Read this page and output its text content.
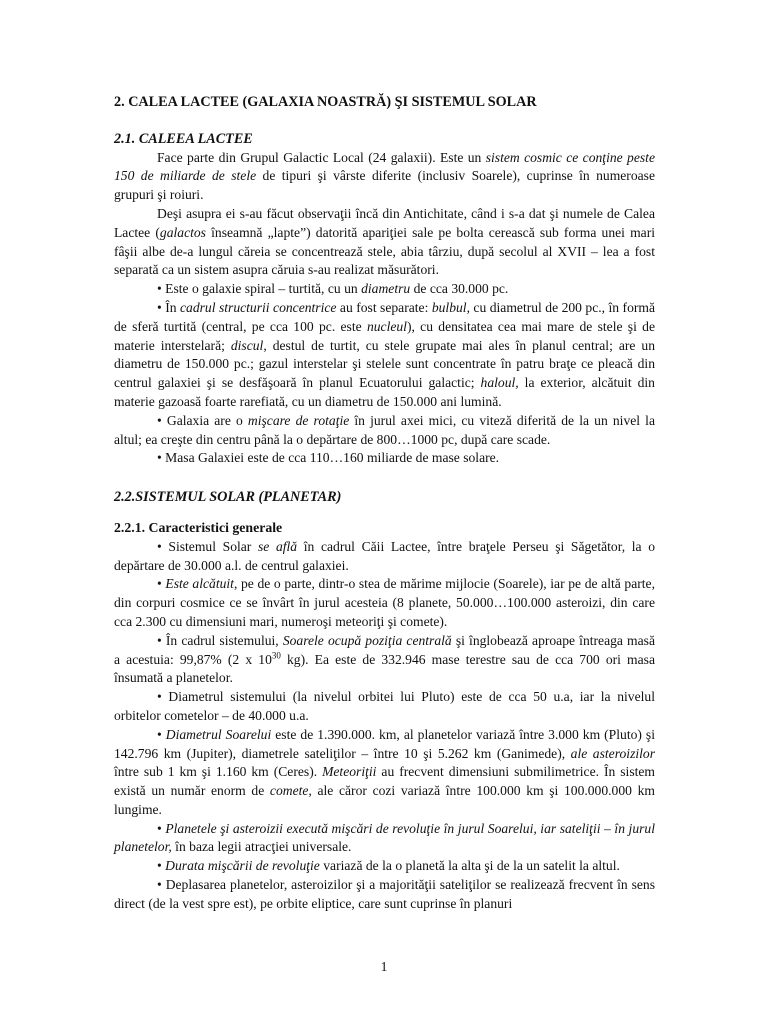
2. CALEA LACTEE (GALAXIA NOASTRĂ) ŞI SISTEMUL SOLAR
2.1. CALEEA LACTEE

Face parte din Grupul Galactic Local (24 galaxii). Este un sistem cosmic ce conţine peste 150 de miliarde de stele de tipuri şi vârste diferite (inclusiv Soarele), cuprinse în numeroase grupuri şi roiuri.

Deşi asupra ei s-au făcut observaţii încă din Antichitate, când i s-a dat şi numele de Calea Lactee (galactos înseamnă „lapte”) datorită apariţiei sale pe bolta cerească sub forma unei mari fâşii albe de-a lungul căreia se concentrează stele, abia târziu, după secolul al XVII – lea a fost separată ca un sistem asupra căruia s-au realizat măsurători.

• Este o galaxie spiral – turtită, cu un diametru de cca 30.000 pc.

• În cadrul structurii concentrice au fost separate: bulbul, cu diametrul de 200 pc., în formă de sferă turtită (central, pe cca 100 pc. este nucleul), cu densitatea cea mai mare de stele şi de materie interstelară; discul, destul de turtit, cu stele grupate mai ales în planul central; are un diametru de 150.000 pc.; gazul interstelar şi stelele sunt concentrate în patru braţe ce pleacă din centrul galaxiei şi se desfăşoară în planul Ecuatorului galactic; haloul, la exterior, alcătuit din materie gazoasă foarte rarefiată, cu un diametru de 150.000 ani lumină.

• Galaxia are o mişcare de rotaţie în jurul axei mici, cu viteză diferită de la un nivel la altul; ea creşte din centru până la o depărtare de 800…1000 pc, după care scade.

• Masa Galaxiei este de cca 110…160 miliarde de mase solare.

2.2.SISTEMUL SOLAR (PLANETAR)
2.2.1. Caracteristici generale

• Sistemul Solar se află în cadrul Căii Lactee, între braţele Perseu şi Săgetător, la o depărtare de 30.000 a.l. de centrul galaxiei.

• Este alcătuit, pe de o parte, dintr-o stea de mărime mijlocie (Soarele), iar pe de altă parte, din corpuri cosmice ce se învârt în jurul acesteia (8 planete, 50.000…100.000 asteroizi, din care cca 2.300 cu dimensiuni mari, numeroşi meteoriţi şi comete).

• În cadrul sistemului, Soarele ocupă poziţia centrală şi înglobează aproape întreaga masă a acestuia: 99,87% (2 x $10^{30}$ kg). Ea este de 332.946 mase terestre sau de cca 700 ori masa însumată a planetelor.

• Diametrul sistemului (la nivelul orbitei lui Pluto) este de cca 50 u.a, iar la nivelul orbitelor cometelor – de 40.000 u.a.

• Diametrul Soarelui este de 1.390.000. km, al planetelor variază între 3.000 km (Pluto) şi 142.796 km (Jupiter), diametrele sateliţilor – între 10 şi 5.262 km (Ganimede), ale asteroizilor între sub 1 km şi 1.160 km (Ceres). Meteoriţii au frecvent dimensiuni submilimetrice. În sistem există un număr enorm de comete, ale căror cozi variază între 100.000 km şi 100.000.000 km lungime.

• Planetele şi asteroizii execută mişcări de revoluţie în jurul Soarelui, iar sateliţii – în jurul planetelor, în baza legii atracţiei universale.

• Durata mişcării de revoluţie variază de la o planetă la alta şi de la un satelit la altul.

• Deplasarea planetelor, asteroizilor şi a majorităţii sateliţilor se realizează frecvent în sens direct (de la vest spre est), pe orbite eliptice, care sunt cuprinse în planuri

1
